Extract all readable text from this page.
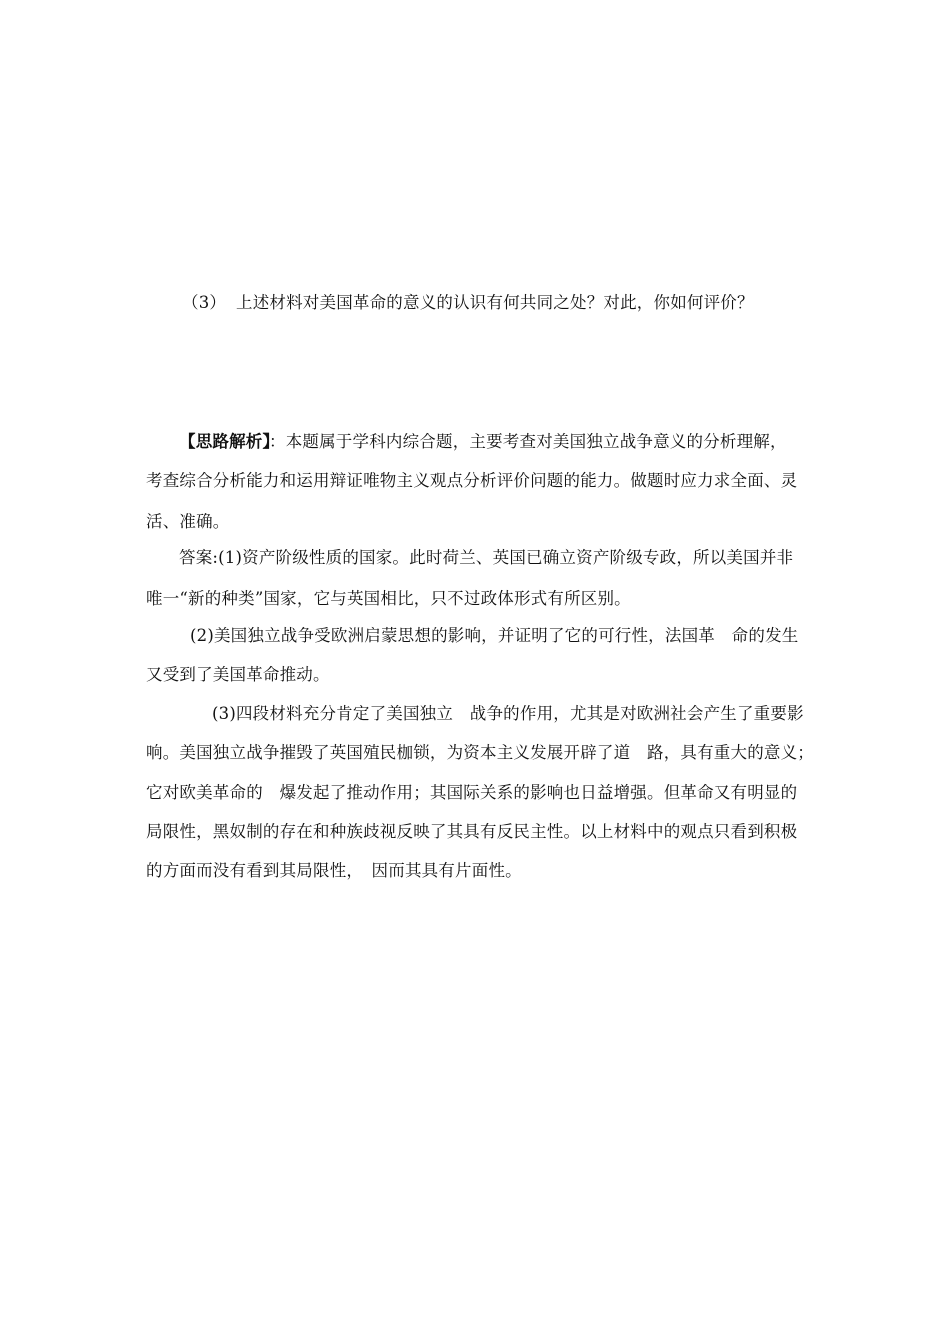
（3） 上述材料对美国革命的意义的认识有何共同之处？对此，你如何评价？
【思路解析】
：本题属于学科内综合题，主要考查对美国独立战争意义的分析理解，
考查综合分析能力和运用辩证唯物主义观点分析评价问题的能力。做题时应力求全面、灵
活、准确。
答案:(1)资产阶级性质的国家。此时荷兰、英国已确立资产阶级专政，所以美国并非
唯一“新的种类”国家，它与英国相比，只不过政体形式有所区别。
(2)美国独立战争受欧洲启蒙思想的影响，并证明了它的可行性，法国革　命的发生
又受到了美国革命推动。
(3)四段材料充分肯定了美国独立　战争的作用，尤其是对欧洲社会产生了重要影
响。美国独立战争摧毁了英国殖民枷锁，为资本主义发展开辟了道　路，具有重大的意义；
它对欧美革命的　爆发起了推动作用；其国际关系的影响也日益增强。但革命又有明显的
局限性，黑奴制的存在和种族歧视反映了其具有反民主性。以上材料中的观点只看到积极
的方面而没有看到其局限性，　因而其具有片面性。
